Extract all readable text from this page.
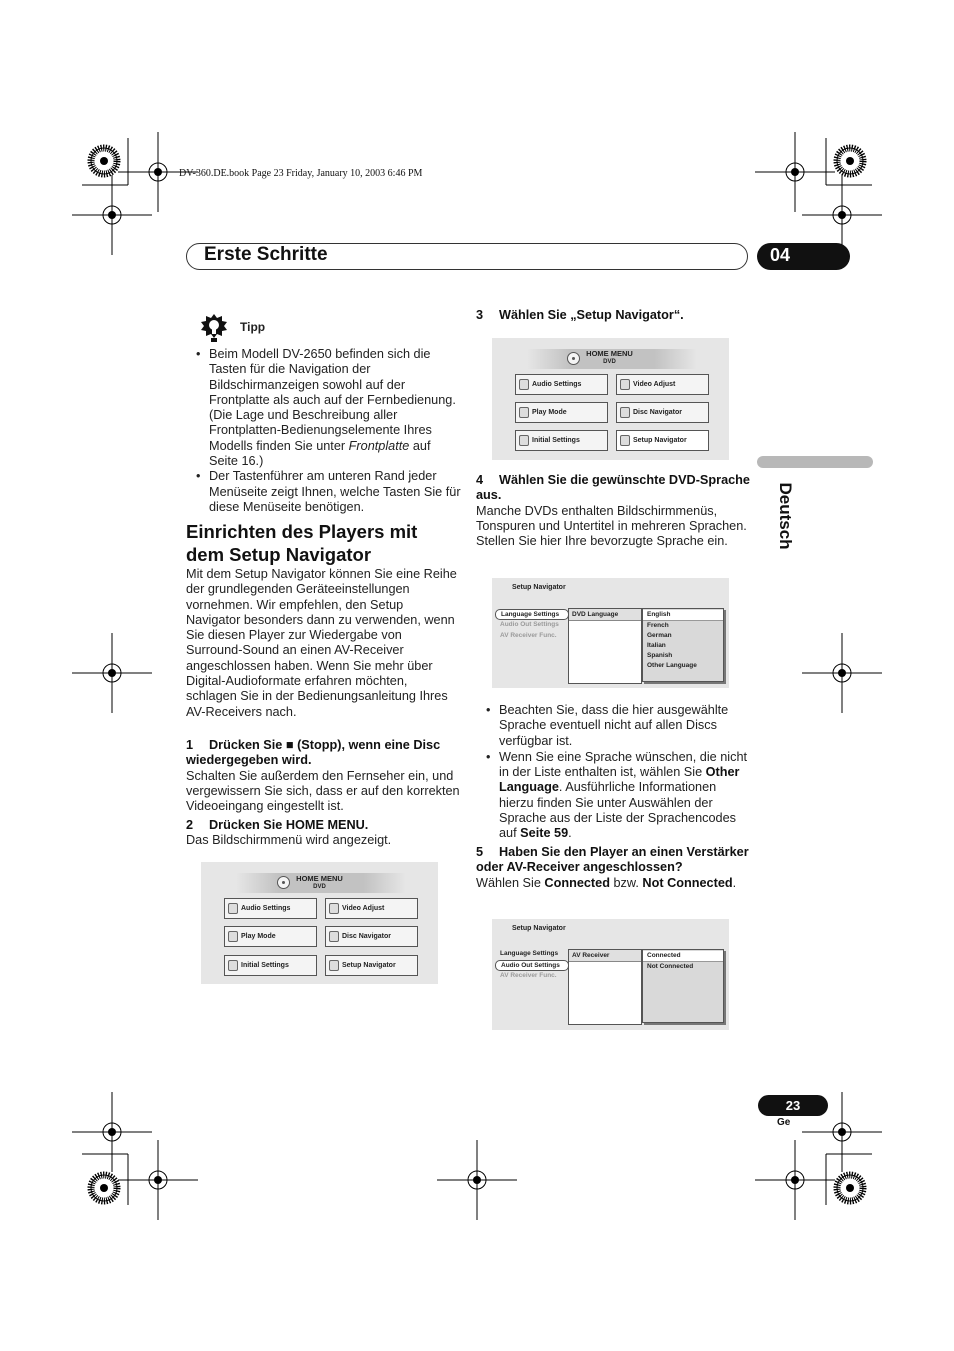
DV-360.DE.book Page 23 Friday, January 10, 2003 6:46 PM
Erste Schritte	04
Deutsch
23
Ge
Tipp
• Beim Modell DV-2650 befinden sich die Tasten für die Navigation der Bildschirmanzeigen sowohl auf der Frontplatte als auch auf der Fernbedienung. (Die Lage und Beschreibung aller Frontplatten-Bedienungselemente Ihres Modells finden Sie unter Frontplatte auf Seite 16.)
• Der Tastenführer am unteren Rand jeder Menüseite zeigt Ihnen, welche Tasten Sie für diese Menüseite benötigen.
Einrichten des Players mit dem Setup Navigator
Mit dem Setup Navigator können Sie eine Reihe der grundlegenden Geräteeinstellungen vornehmen. Wir empfehlen, den Setup Navigator besonders dann zu verwenden, wenn Sie diesen Player zur Wiedergabe von Surround-Sound an einen AV-Receiver angeschlossen haben. Wenn Sie mehr über Digital-Audioformate erfahren möchten, schlagen Sie in der Bedienungsanleitung Ihres AV-Receivers nach.
1 Drücken Sie ■ (Stopp), wenn eine Disc wiedergegeben wird.
Schalten Sie außerdem den Fernseher ein, und vergewissern Sie sich, dass er auf den korrekten Videoeingang eingestellt ist.
2 Drücken Sie HOME MENU.
Das Bildschirmmenü wird angezeigt.
HOME MENU
DVD
Audio Settings	Video Adjust
Play Mode	Disc Navigator
Initial Settings	Setup Navigator
3 Wählen Sie „Setup Navigator“.
HOME MENU
DVD
Audio Settings	Video Adjust
Play Mode	Disc Navigator
Initial Settings	Setup Navigator
4	Wählen Sie die gewünschte DVD-Sprache aus.
Manche DVDs enthalten Bildschirmmenüs, Tonspuren und Untertitel in mehreren Sprachen. Stellen Sie hier Ihre bevorzugte Sprache ein.
Setup Navigator
Language Settings
Audio Out Settings
AV Receiver Func.
DVD Language	English
French
German
Italian
Spanish
Other Language
• Beachten Sie, dass die hier ausgewählte Sprache eventuell nicht auf allen Discs verfügbar ist.
• Wenn Sie eine Sprache wünschen, die nicht in der Liste enthalten ist, wählen Sie Other Language. Ausführliche Informationen hierzu finden Sie unter Auswählen der Sprache aus der Liste der Sprachencodes auf Seite 59.
5	Haben Sie den Player an einen Verstärker oder AV-Receiver angeschlossen?
Wählen Sie Connected bzw. Not Connected.
Setup Navigator
Language Settings
Audio Out Settings
AV Receiver Func.
AV Receiver	Connected
Not Connected
